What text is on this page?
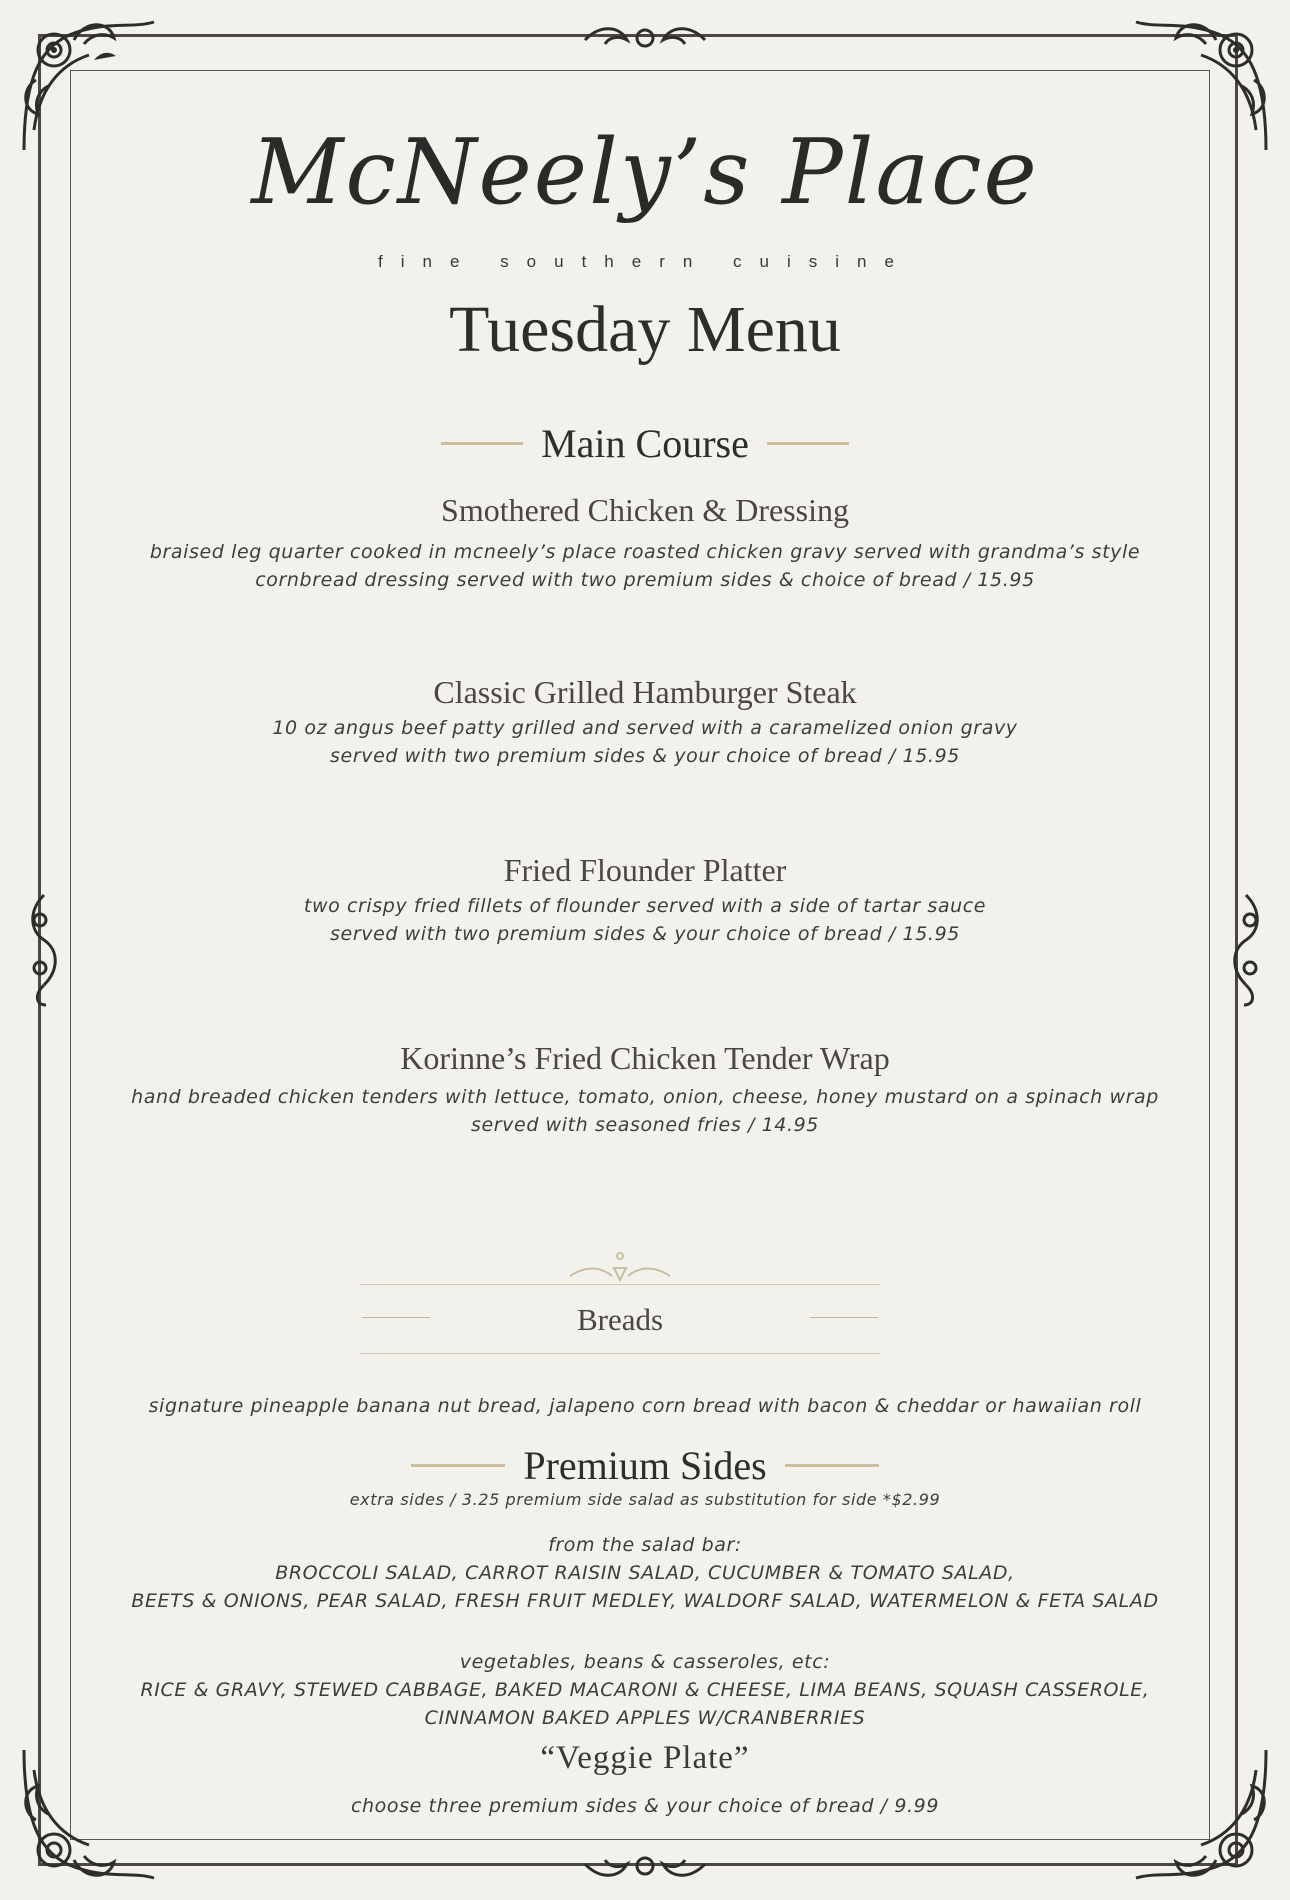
McNeely’s Place
fine southern cuisine
Tuesday Menu
Main Course
Smothered Chicken & Dressing
braised leg quarter cooked in mcneely’s place roasted chicken gravy served with grandma’s style
cornbread dressing served with two premium sides & choice of bread / 15.95
Classic Grilled Hamburger Steak
10 oz angus beef patty grilled and served with a caramelized onion gravy
served with two premium sides & your choice of bread / 15.95
Fried Flounder Platter
two crispy fried fillets of flounder served with a side of tartar sauce
served with two premium sides & your choice of bread / 15.95
Korinne’s Fried Chicken Tender Wrap
hand breaded chicken tenders with lettuce, tomato, onion, cheese, honey mustard on a spinach wrap
served with seasoned fries / 14.95
Breads
signature pineapple banana nut bread, jalapeno corn bread with bacon & cheddar or hawaiian roll
Premium Sides
extra sides / 3.25 premium side salad as substitution for side *$2.99
from the salad bar:
BROCCOLI SALAD, CARROT RAISIN SALAD, CUCUMBER & TOMATO SALAD,
BEETS & ONIONS, PEAR SALAD, FRESH FRUIT MEDLEY, WALDORF SALAD, WATERMELON & FETA SALAD
vegetables, beans & casseroles, etc:
RICE & GRAVY, STEWED CABBAGE, BAKED MACARONI & CHEESE, LIMA BEANS, SQUASH CASSEROLE,
CINNAMON BAKED APPLES W/CRANBERRIES
“Veggie Plate”
choose three premium sides & your choice of bread / 9.99
